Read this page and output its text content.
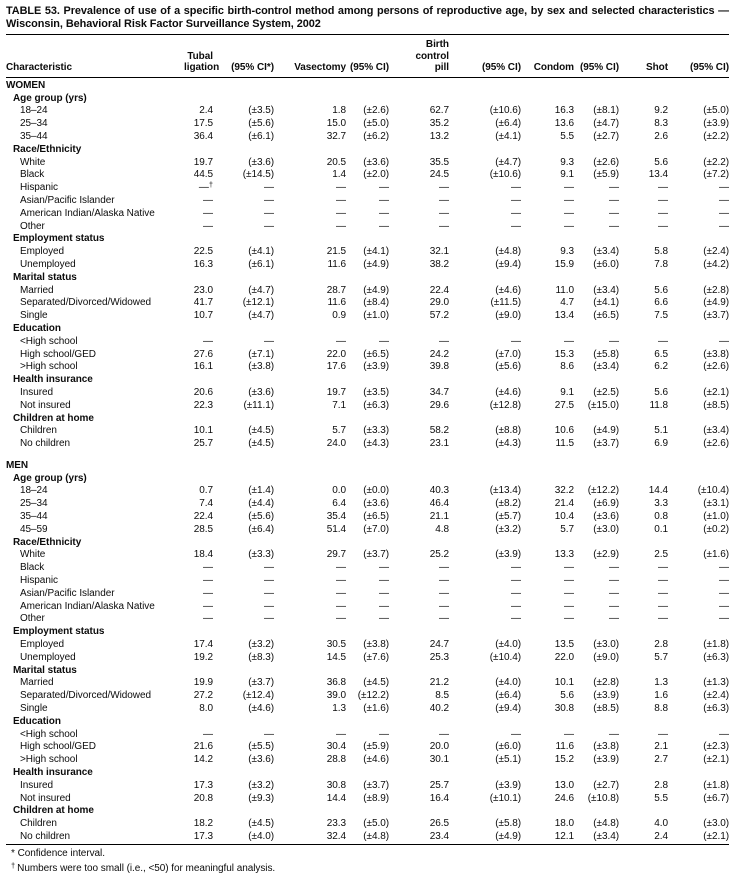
TABLE 53. Prevalence of use of a specific birth-control method among persons of reproductive age, by sex and selected characteristics — Wisconsin, Behavioral Risk Factor Surveillance System, 2002
Characteristic	
Tubal
ligation	(95% CI*)	Vasectomy	(95% CI)	
Birth
control
pill	(95% CI)	Condom	(95% CI)	Shot	(95% CI)
WOMEN										
Age group (yrs)										
18–24	2.4	(±3.5)	1.8	(±2.6)	62.7	(±10.6)	16.3	(±8.1)	9.2	(±5.0)
25–34	17.5	(±5.6)	15.0	(±5.0)	35.2	(±6.4)	13.6	(±4.7)	8.3	(±3.9)
35–44	36.4	(±6.1)	32.7	(±6.2)	13.2	(±4.1)	5.5	(±2.7)	2.6	(±2.2)
Race/Ethnicity										
White	19.7	(±3.6)	20.5	(±3.6)	35.5	(±4.7)	9.3	(±2.6)	5.6	(±2.2)
Black	44.5	(±14.5)	1.4	(±2.0)	24.5	(±10.6)	9.1	(±5.9)	13.4	(±7.2)
Hispanic	—†	—	—	—	—	—	—	—	—	—
Asian/Pacific Islander	—	—	—	—	—	—	—	—	—	—
American Indian/Alaska Native	—	—	—	—	—	—	—	—	—	—
Other	—	—	—	—	—	—	—	—	—	—
Employment status										
Employed	22.5	(±4.1)	21.5	(±4.1)	32.1	(±4.8)	9.3	(±3.4)	5.8	(±2.4)
Unemployed	16.3	(±6.1)	11.6	(±4.9)	38.2	(±9.4)	15.9	(±6.0)	7.8	(±4.2)
Marital status										
Married	23.0	(±4.7)	28.7	(±4.9)	22.4	(±4.6)	11.0	(±3.4)	5.6	(±2.8)
Separated/Divorced/Widowed	41.7	(±12.1)	11.6	(±8.4)	29.0	(±11.5)	4.7	(±4.1)	6.6	(±4.9)
Single	10.7	(±4.7)	0.9	(±1.0)	57.2	(±9.0)	13.4	(±6.5)	7.5	(±3.7)
Education										
<High school	—	—	—	—	—	—	—	—	—	—
High school/GED	27.6	(±7.1)	22.0	(±6.5)	24.2	(±7.0)	15.3	(±5.8)	6.5	(±3.8)
>High school	16.1	(±3.8)	17.6	(±3.9)	39.8	(±5.6)	8.6	(±3.4)	6.2	(±2.6)
Health insurance										
Insured	20.6	(±3.6)	19.7	(±3.5)	34.7	(±4.6)	9.1	(±2.5)	5.6	(±2.1)
Not insured	22.3	(±11.1)	7.1	(±6.3)	29.6	(±12.8)	27.5	(±15.0)	11.8	(±8.5)
Children at home										
Children	10.1	(±4.5)	5.7	(±3.3)	58.2	(±8.8)	10.6	(±4.9)	5.1	(±3.4)
No children	25.7	(±4.5)	24.0	(±4.3)	23.1	(±4.3)	11.5	(±3.7)	6.9	(±2.6)
MEN										
Age group (yrs)										
18–24	0.7	(±1.4)	0.0	(±0.0)	40.3	(±13.4)	32.2	(±12.2)	14.4	(±10.4)
25–34	7.4	(±4.4)	6.4	(±3.6)	46.4	(±8.2)	21.4	(±6.9)	3.3	(±3.1)
35–44	22.4	(±5.6)	35.4	(±6.5)	21.1	(±5.7)	10.4	(±3.6)	0.8	(±1.0)
45–59	28.5	(±6.4)	51.4	(±7.0)	4.8	(±3.2)	5.7	(±3.0)	0.1	(±0.2)
Race/Ethnicity										
White	18.4	(±3.3)	29.7	(±3.7)	25.2	(±3.9)	13.3	(±2.9)	2.5	(±1.6)
Black	—	—	—	—	—	—	—	—	—	—
Hispanic	—	—	—	—	—	—	—	—	—	—
Asian/Pacific Islander	—	—	—	—	—	—	—	—	—	—
American Indian/Alaska Native	—	—	—	—	—	—	—	—	—	—
Other	—	—	—	—	—	—	—	—	—	—
Employment status										
Employed	17.4	(±3.2)	30.5	(±3.8)	24.7	(±4.0)	13.5	(±3.0)	2.8	(±1.8)
Unemployed	19.2	(±8.3)	14.5	(±7.6)	25.3	(±10.4)	22.0	(±9.0)	5.7	(±6.3)
Marital status										
Married	19.9	(±3.7)	36.8	(±4.5)	21.2	(±4.0)	10.1	(±2.8)	1.3	(±1.3)
Separated/Divorced/Widowed	27.2	(±12.4)	39.0	(±12.2)	8.5	(±6.4)	5.6	(±3.9)	1.6	(±2.4)
Single	8.0	(±4.6)	1.3	(±1.6)	40.2	(±9.4)	30.8	(±8.5)	8.8	(±6.3)
Education										
<High school	—	—	—	—	—	—	—	—	—	—
High school/GED	21.6	(±5.5)	30.4	(±5.9)	20.0	(±6.0)	11.6	(±3.8)	2.1	(±2.3)
>High school	14.2	(±3.6)	28.8	(±4.6)	30.1	(±5.1)	15.2	(±3.9)	2.7	(±2.1)
Health insurance										
Insured	17.3	(±3.2)	30.8	(±3.7)	25.7	(±3.9)	13.0	(±2.7)	2.8	(±1.8)
Not insured	20.8	(±9.3)	14.4	(±8.9)	16.4	(±10.1)	24.6	(±10.8)	5.5	(±6.7)
Children at home										
Children	18.2	(±4.5)	23.3	(±5.0)	26.5	(±5.8)	18.0	(±4.8)	4.0	(±3.0)
No children	17.3	(±4.0)	32.4	(±4.8)	23.4	(±4.9)	12.1	(±3.4)	2.4	(±2.1)
* Confidence interval.
† Numbers were too small (i.e., <50) for meaningful analysis.
